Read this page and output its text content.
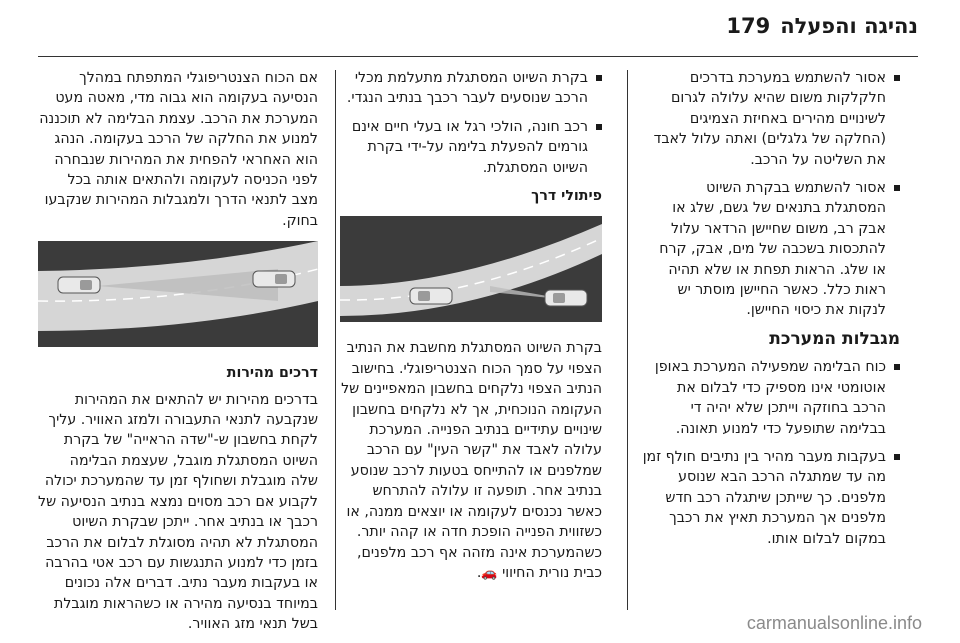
179 נהיגה והפעלה
אסור להשתמש במערכת בדרכים חלקלקות משום שהיא עלולה לגרום לשינויים מהירים באחיזת הצמיגים (החלקה של גלגלים) ואתה עלול לאבד את השליטה על הרכב.
אסור להשתמש בבקרת השיוט המסתגלת בתנאים של גשם, שלג או אבק רב, משום שחיישן הרדאר עלול להתכסות בשכבה של מים, אבק, קרח או שלג. הראות תפחת או שלא תהיה ראות כלל. כאשר החיישן מוסתר יש לנקות את כיסוי החיישן.
מגבלות המערכת
כוח הבלימה שמפעילה המערכת באופן אוטומטי אינו מספיק כדי לבלום את הרכב בחוזקה וייתכן שלא יהיה די בבלימה שתופעל כדי למנוע תאונה.
בעקבות מעבר מהיר בין נתיבים חולף זמן מה עד שמתגלה הרכב הבא שנוסע מלפנים. כך שייתכן שיתגלה רכב חדש מלפנים אך המערכת תאיץ את רכבך במקום לבלום אותו.
בקרת השיוט המסתגלת מתעלמת מכלי הרכב שנוסעים לעבר רכבך בנתיב הנגדי.
רכב חונה, הולכי רגל או בעלי חיים אינם גורמים להפעלת בלימה על-ידי בקרת השיוט המסתגלת.
פיתולי דרך

בקרת השיוט המסתגלת מחשבת את הנתיב הצפוי על סמך הכוח הצנטריפוגלי. בחישוב הנתיב הצפוי נלקחים בחשבון המאפיינים של העקומה הנוכחית, אך לא נלקחים בחשבון שינויים עתידיים בנתיב הפנייה. המערכת עלולה לאבד את "קשר העין" עם הרכב שמלפנים או להתייחס בטעות לרכב שנוסע בנתיב אחר. תופעה זו עלולה להתרחש כאשר נכנסים לעקומה או יוצאים ממנה, או כשזווית הפנייה הופכת חדה או קהה יותר. כשהמערכת אינה מזהה אף רכב מלפנים, כבית נורית החיווי 🚗.

אם הכוח הצנטריפוגלי המתפתח במהלך הנסיעה בעקומה הוא גבוה מדי, מאטה מעט המערכת את הרכב. עצמת הבלימה לא תוכננה למנוע את החלקה של הרכב בעקומה. הנהג הוא האחראי להפחית את המהירות שנבחרה לפני הכניסה לעקומה ולהתאים אותה בכל מצב לתנאי הדרך ולמגבלות המהירות שנקבעו בחוק.

דרכים מהירות

בדרכים מהירות יש להתאים את המהירות שנקבעה לתנאי התעבורה ולמזג האוויר. עליך לקחת בחשבון ש-"שדה הראייה" של בקרת השיוט המסתגלת מוגבל, שעצמת הבלימה שלה מוגבלת ושחולף זמן עד שהמערכת יכולה לקבוע אם רכב מסוים נמצא בנתיב הנסיעה של רכבך או בנתיב אחר. ייתכן שבקרת השיוט המסתגלת לא תהיה מסוגלת לבלום את הרכב בזמן כדי למנוע התנגשות עם רכב אטי בהרבה או בעקבות מעבר נתיב. דברים אלה נכונים במיוחד בנסיעה מהירה או כשהראות מוגבלת בשל תנאי מזג האוויר.	carmanualsonline.info
